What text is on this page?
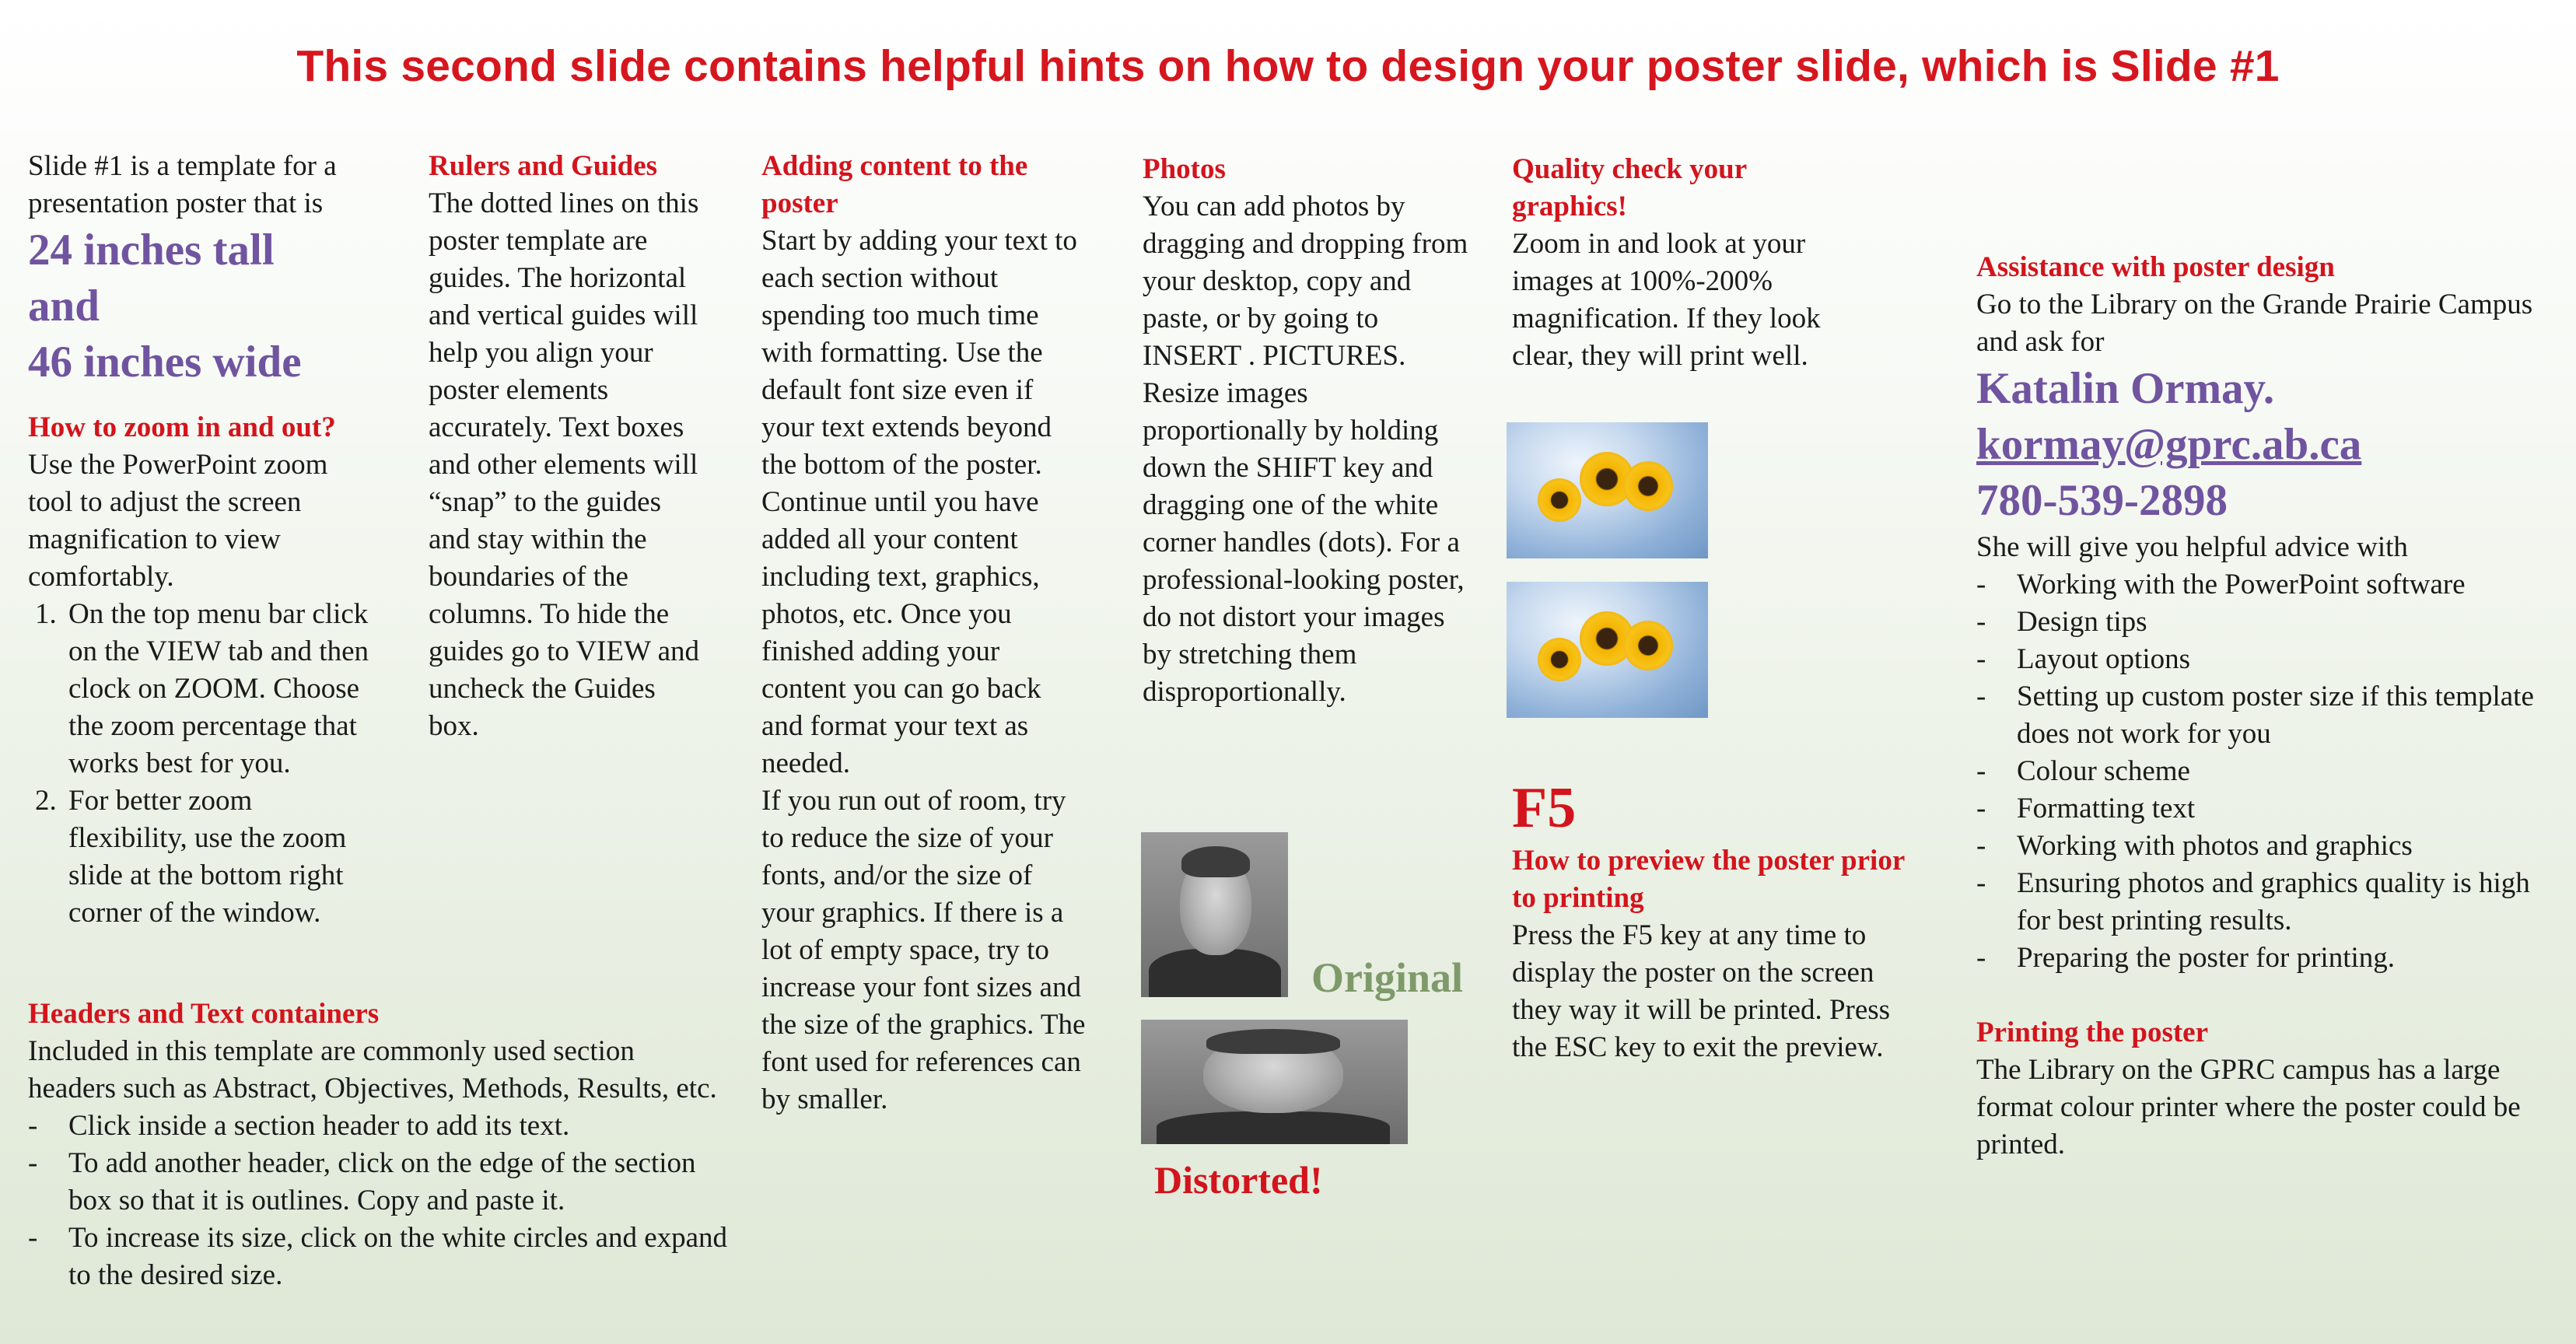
This second slide contains helpful hints on how to design your poster slide, which is Slide #1

Slide #1 is a template for a presentation poster that is

24 inches tall

and

46 inches wide

How to zoom in and out?

Use the PowerPoint zoom tool to adjust the screen magnification to view comfortably.

1. On the top menu bar click on the VIEW tab and then clock on ZOOM. Choose the zoom percentage that works best for you.
2. For better zoom flexibility, use the zoom slide at the bottom right corner of the window.

Headers and Text containers

Included in this template are commonly used section headers such as Abstract, Objectives, Methods, Results, etc.

- Click inside a section header to add its text.
- To add another header, click on the edge of the section box so that it is outlines. Copy and paste it.
- To increase its size, click on the white circles and expand to the desired size.

Rulers and Guides

The dotted lines on this poster template are guides. The horizontal and vertical guides will help you align your poster elements accurately. Text boxes and other elements will “snap” to the guides and stay within the boundaries of the columns. To hide the guides go to VIEW and uncheck the Guides box.

Adding content to the poster

Start by adding your text to each section without spending too much time with formatting. Use the default font size even if your text extends beyond the bottom of the poster. Continue until you have added all your content including text, graphics, photos, etc. Once you finished adding your content you can go back and format your text as needed.

If you run out of room, try to reduce the size of your fonts, and/or the size of your graphics. If there is a lot of empty space, try to increase your font sizes and the size of the graphics. The font used for references can by smaller.

Photos

You can add photos by dragging and dropping from your desktop, copy and paste, or by going to INSERT . PICTURES. Resize images proportionally by holding down the SHIFT key and dragging one of the white corner handles (dots). For a professional-looking poster, do not distort your images by stretching them disproportionally.

Original
Distorted!

Quality check your graphics!

Zoom in and look at your images at 100%-200% magnification. If they look clear, they will print well.

F5

How to preview the poster prior to printing

Press the F5 key at any time to display the poster on the screen they way it will be printed. Press the ESC key to exit the preview.

Assistance with poster design

Go to the Library on the Grande Prairie Campus and ask for

Katalin Ormay.

kormay@gprc.ab.ca

780-539-2898

She will give you helpful advice with

- Working with the PowerPoint software
- Design tips
- Layout options
- Setting up custom poster size if this template does not work for you
- Colour scheme
- Formatting text
- Working with photos and graphics
- Ensuring photos and graphics quality is high for best printing results.
- Preparing the poster for printing.

Printing the poster

The Library on the GPRC campus has a large format colour printer where the poster could be printed.
